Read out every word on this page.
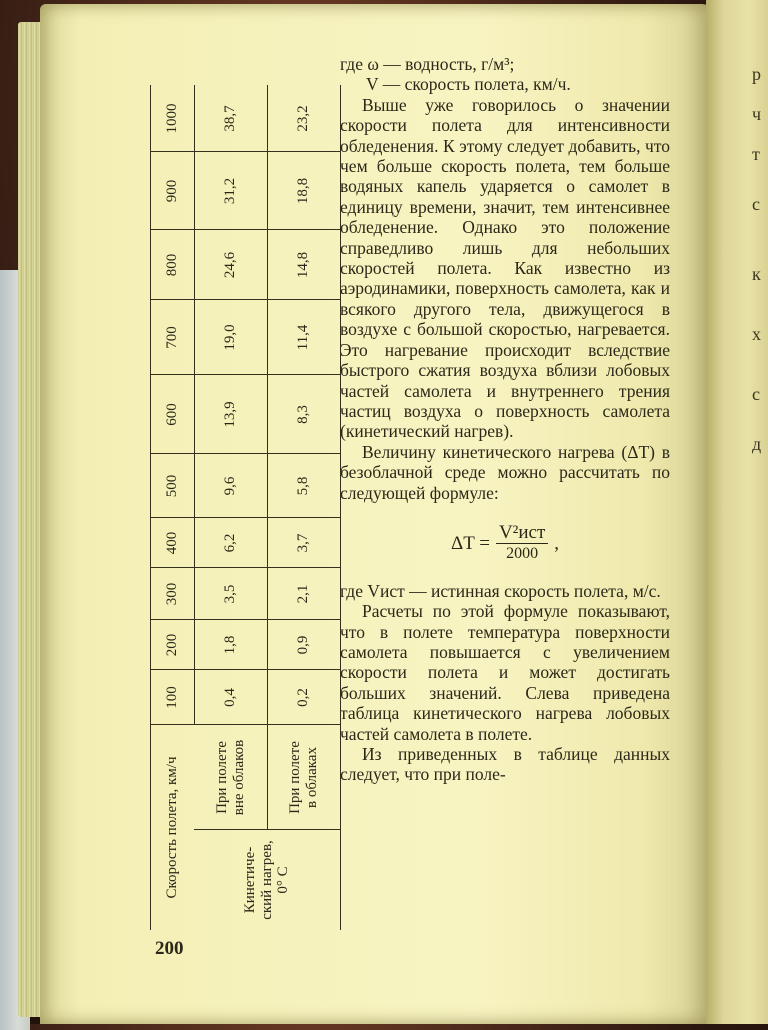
р
ч
т
с
к
х
с
д
Скорость полета, км/ч
100
200
300
400
500
600
700
800
900
1000
Кинетиче- ский нагрев, 0° С
При полете вне облаков	При полете в облаках
0,4
1,8
3,5
6,2
9,6
13,9
19,0
24,6
31,2
38,7
0,2
0,9
2,1
3,7
5,8
8,3
11,4
14,8
18,8
23,2
200

где ω — водность, г/м³;

V — скорость полета, км/ч.

Выше уже говорилось о значении скорости полета для интенсивности обледенения. К этому следует добавить, что чем больше скорость полета, тем больше водяных капель ударяется о самолет в единицу времени, значит, тем интенсивнее обледенение. Однако это положение справедливо лишь для небольших скоростей полета. Как известно из аэродинамики, поверхность самолета, как и всякого другого тела, движущегося в воздухе с большой скоростью, нагревается. Это нагревание происходит вследствие быстрого сжатия воздуха вблизи лобовых частей самолета и внутреннего трения частиц воздуха о поверхность самолета (кинетический нагрев).

Величину кинетического нагрева (ΔT) в безоблачной среде можно рассчитать по следующей формуле:

$\Delta T = \frac{\text{V²ист}}{2000}$ ,

где Vист — истинная скорость полета, м/с.

Расчеты по этой формуле показывают, что в полете температура поверхности самолета повышается с увеличением скорости полета и может достигать больших значений. Слева приведена таблица кинетического нагрева лобовых частей самолета в полете.

Из приведенных в таблице данных следует, что при поле-
